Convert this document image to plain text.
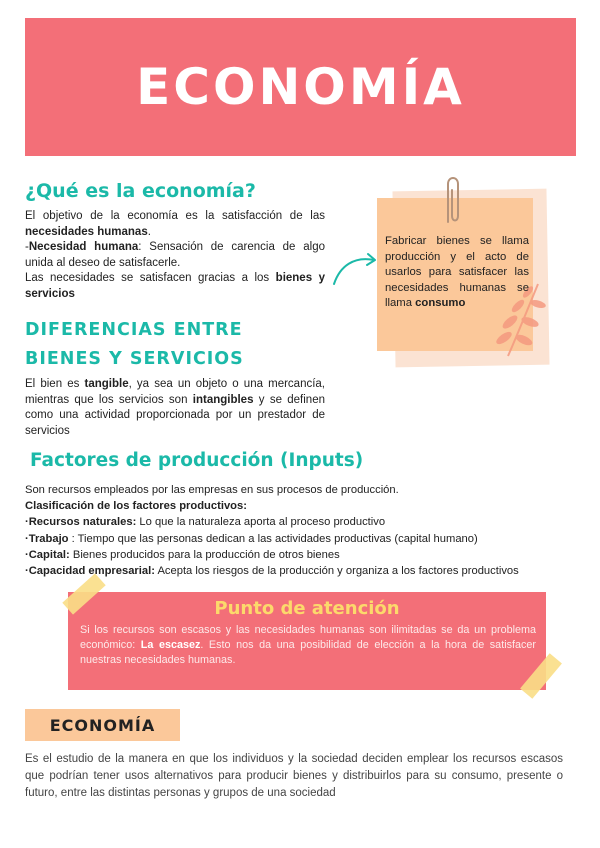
ECONOMÍA
¿Qué es la economía?
El objetivo de la economía es la satisfacción de las necesidades humanas.
-Necesidad humana: Sensación de carencia de algo unida al deseo de satisfacerle.
Las necesidades se satisfacen gracias a los bienes y servicios
Fabricar bienes se llama producción y el acto de usarlos para satisfacer las necesidades humanas se llama consumo
DIFERENCIAS ENTRE
BIENES Y SERVICIOS
El bien es tangible, ya sea un objeto o una mercancía, mientras que los servicios son intangibles y se definen como una actividad proporcionada por un prestador de servicios
Factores de producción (Inputs)
Son recursos empleados por las empresas en sus procesos de producción.
Clasificación de los factores productivos:
·Recursos naturales: Lo que la naturaleza aporta al proceso productivo
·Trabajo : Tiempo que las personas dedican a las actividades productivas (capital humano)
·Capital: Bienes producidos para la producción de otros bienes
·Capacidad empresarial: Acepta los riesgos de la producción y organiza a los factores productivos
Punto de atención
Si los recursos son escasos y las necesidades humanas son ilimitadas se da un problema económico: La escasez. Esto nos da una posibilidad de elección a la hora de satisfacer nuestras necesidades humanas.
ECONOMÍA
Es el estudio de la manera en que los individuos y la sociedad deciden emplear los recursos escasos que podrían tener usos alternativos para producir bienes y distribuirlos para su consumo, presente o futuro, entre las distintas personas y grupos de una sociedad
